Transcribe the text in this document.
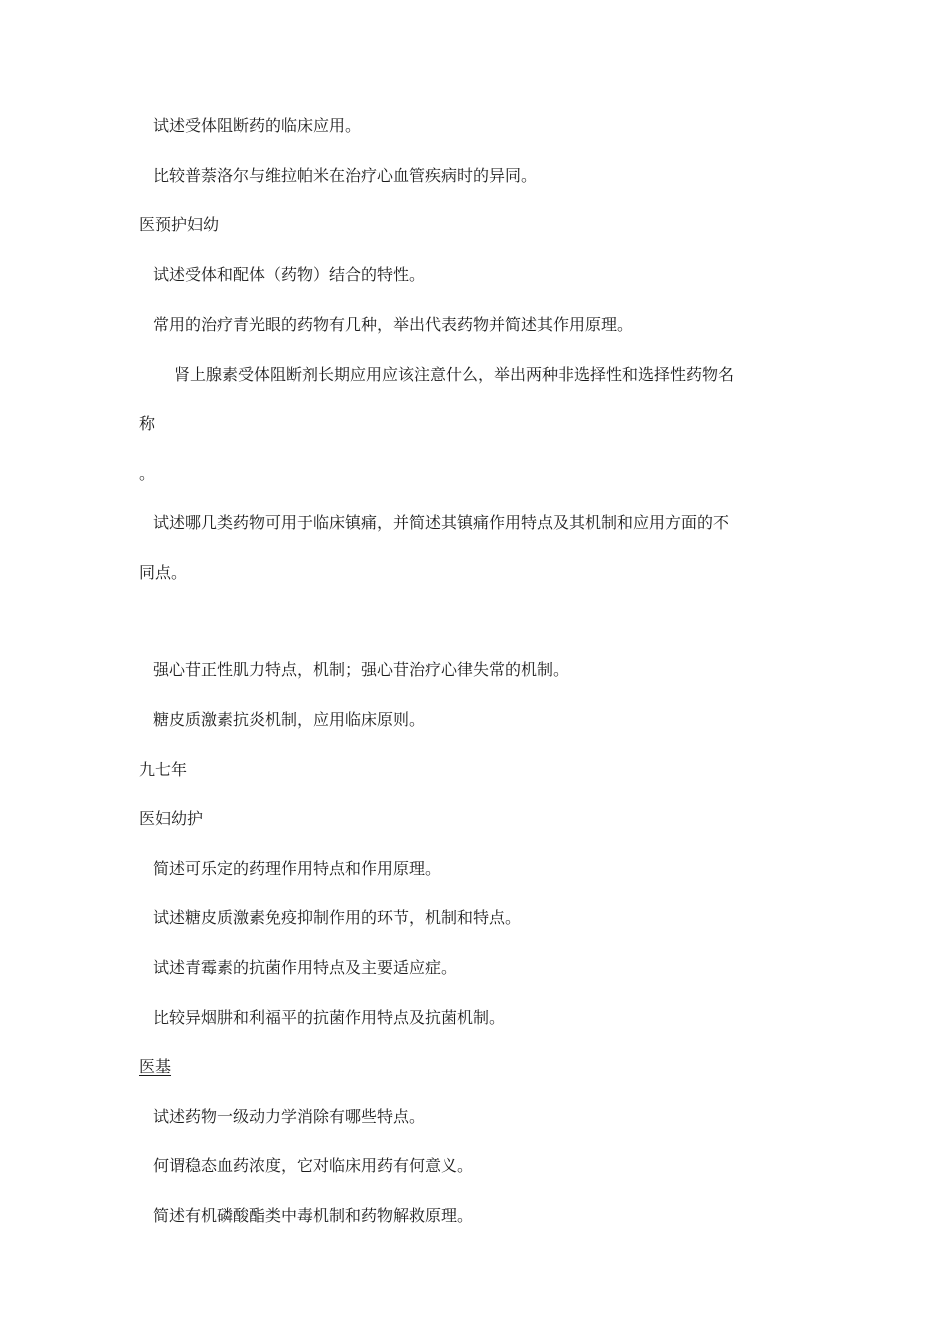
试述受体阻断药的临床应用。
比较普萘洛尔与维拉帕米在治疗心血管疾病时的异同。
医预护妇幼
试述受体和配体（药物）结合的特性。
常用的治疗青光眼的药物有几种，举出代表药物并简述其作用原理。
肾上腺素受体阻断剂长期应用应该注意什么，举出两种非选择性和选择性药物名
称
。
试述哪几类药物可用于临床镇痛，并简述其镇痛作用特点及其机制和应用方面的不
同点。
强心苷正性肌力特点，机制；强心苷治疗心律失常的机制。
糖皮质激素抗炎机制，应用临床原则。
九七年
医妇幼护
简述可乐定的药理作用特点和作用原理。
试述糖皮质激素免疫抑制作用的环节，机制和特点。
试述青霉素的抗菌作用特点及主要适应症。
比较异烟肼和利福平的抗菌作用特点及抗菌机制。
医基
试述药物一级动力学消除有哪些特点。
何谓稳态血药浓度，它对临床用药有何意义。
简述有机磷酸酯类中毒机制和药物解救原理。
